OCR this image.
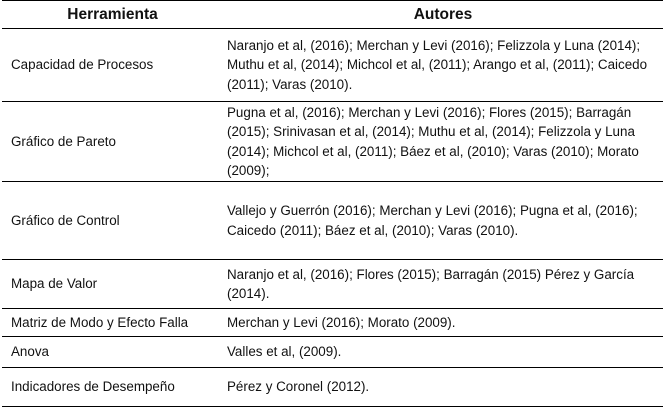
Herramienta	Autores
Capacidad de Procesos	Naranjo et al, (2016); Merchan y Levi (2016); Felizzola y Luna (2014); Muthu et al, (2014); Michcol et al, (2011); Arango et al, (2011); Caicedo (2011); Varas (2010).
Gráfico de Pareto	Pugna et al, (2016); Merchan y Levi (2016); Flores (2015); Barragán (2015); Srinivasan et al, (2014); Muthu et al, (2014); Felizzola y Luna (2014); Michcol et al, (2011); Báez et al, (2010); Varas (2010); Morato (2009);
Gráfico de Control	Vallejo y Guerrón (2016); Merchan y Levi (2016); Pugna et al, (2016); Caicedo (2011); Báez et al, (2010); Varas (2010).
Mapa de Valor	Naranjo et al, (2016); Flores (2015); Barragán (2015) Pérez y García (2014).
Matriz de Modo y Efecto Falla	Merchan y Levi (2016); Morato (2009).
Anova	Valles et al, (2009).
Indicadores de Desempeño	Pérez y Coronel (2012).
